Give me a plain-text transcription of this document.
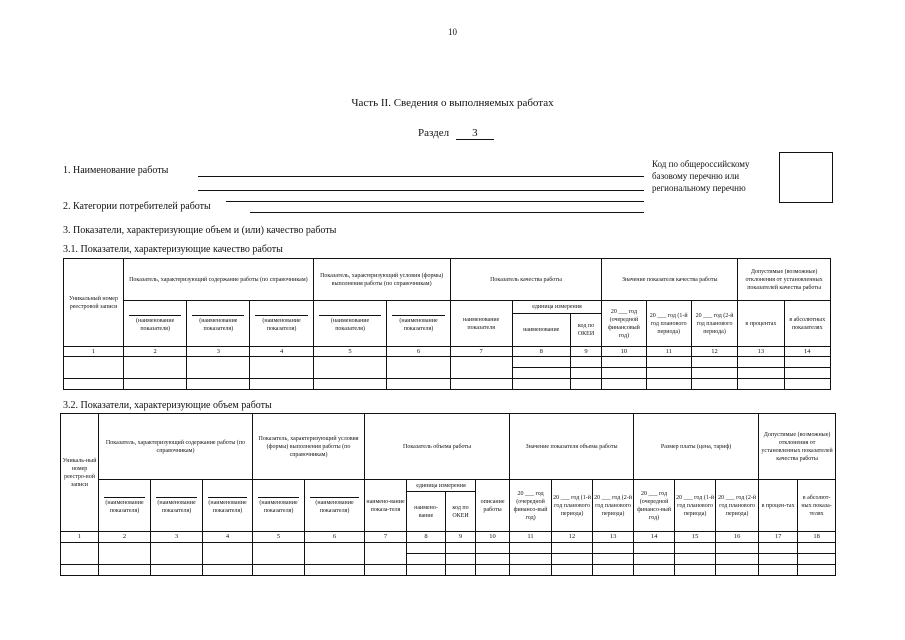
10
Часть II. Сведения о выполняемых работах
Раздел 3
1. Наименование работы
2. Категории потребителей работы
3. Показатели, характеризующие объем и (или) качество работы
Код по общероссийскому базовому перечню или региональному перечню
3.1. Показатели, характеризующие качество работы
Уникальный номер реестровой записи	Показатель, характеризующий содержание работы (по справочникам)			Показатель, характеризующий условия (формы) выполнения работы (по справочникам)		Показатель качества работы			Значение показателя качества работы			Допустимые (возможные) отклонения от установленных показателей качества работы	

	(наименование показателя)	(наименование показателя)	(наименование показателя)	(наименование показателя)	(наименование показателя)	наименование показателя	единица измерения		20 ___ год (очередной финансовый год)	20 ___ год (1-й год планового периода)	20 ___ год (2-й год планового периода)	в процентах	в абсолютных показателях
							наименование	код по ОКЕИ					
1	2	3	4	5	6	7	8	9	10	11	12	13	14

3.2. Показатели, характеризующие объем работы
Уникаль-ный номер реестро-вой записи	Показатель, характеризующий содержание работы (по справочникам)			Показатель, характеризующий условия (формы) выполнения работы (по справочникам)		Показатель объема работы				Значение показателя объема работы			Размер платы (цена, тариф)			Допустимые (возможные) отклонения от установленных показателей качества работы	

	(наименование показателя)	(наименование показателя)	(наименование показателя)	(наименование показателя)	(наименование показателя)	наимено-вание показа-теля	единица измерения		описание работы	20 ___ год (очередной финансо-вый год)	20 ___ год (1-й год планового периода)	20 ___ год (2-й год планового периода)	20 ___ год (очередной финансо-вый год)	20 ___ год (1-й год планового периода)	20 ___ год (2-й год планового периода)	в процен-тах	в абсолют-ных показа-телях
							наимено-вание	код по ОКЕИ									
1	2	3	4	5	6	7	8	9	10	11	12	13	14	15	16	17	18
